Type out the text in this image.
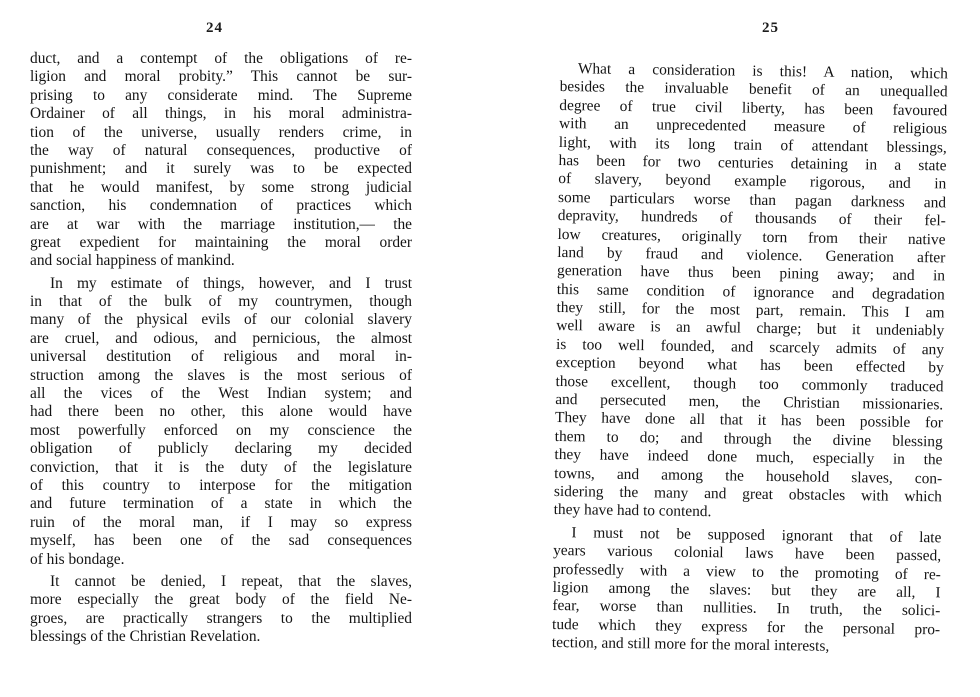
24	25
duct, and a contempt of the obligations of re-
ligion and moral probity.” This cannot be sur-
prising to any considerate mind. The Supreme
Ordainer of all things, in his moral administra-
tion of the universe, usually renders crime, in
the way of natural consequences, productive of
punishment; and it surely was to be expected
that he would manifest, by some strong judicial
sanction, his condemnation of practices which
are at war with the marriage institution,— the
great expedient for maintaining the moral order
and social happiness of mankind.
In my estimate of things, however, and I trust
in that of the bulk of my countrymen, though
many of the physical evils of our colonial slavery
are cruel, and odious, and pernicious, the almost
universal destitution of religious and moral in-
struction among the slaves is the most serious of
all the vices of the West Indian system; and
had there been no other, this alone would have
most powerfully enforced on my conscience the
obligation of publicly declaring my decided
conviction, that it is the duty of the legislature
of this country to interpose for the mitigation
and future termination of a state in which the
ruin of the moral man, if I may so express
myself, has been one of the sad consequences
of his bondage.
It cannot be denied, I repeat, that the slaves,
more especially the great body of the field Ne-
groes, are practically strangers to the multiplied
blessings of the Christian Revelation.
What a consideration is this! A nation, which
besides the invaluable benefit of an unequalled
degree of true civil liberty, has been favoured
with an unprecedented measure of religious
light, with its long train of attendant blessings,
has been for two centuries detaining in a state
of slavery, beyond example rigorous, and in
some particulars worse than pagan darkness and
depravity, hundreds of thousands of their fel-
low creatures, originally torn from their native
land by fraud and violence. Generation after
generation have thus been pining away; and in
this same condition of ignorance and degradation
they still, for the most part, remain. This I am
well aware is an awful charge; but it undeniably
is too well founded, and scarcely admits of any
exception beyond what has been effected by
those excellent, though too commonly traduced
and persecuted men, the Christian missionaries.
They have done all that it has been possible for
them to do; and through the divine blessing
they have indeed done much, especially in the
towns, and among the household slaves, con-
sidering the many and great obstacles with which
they have had to contend.
I must not be supposed ignorant that of late
years various colonial laws have been passed,
professedly with a view to the promoting of re-
ligion among the slaves: but they are all, I
fear, worse than nullities. In truth, the solici-
tude which they express for the personal pro-
tection, and still more for the moral interests,
